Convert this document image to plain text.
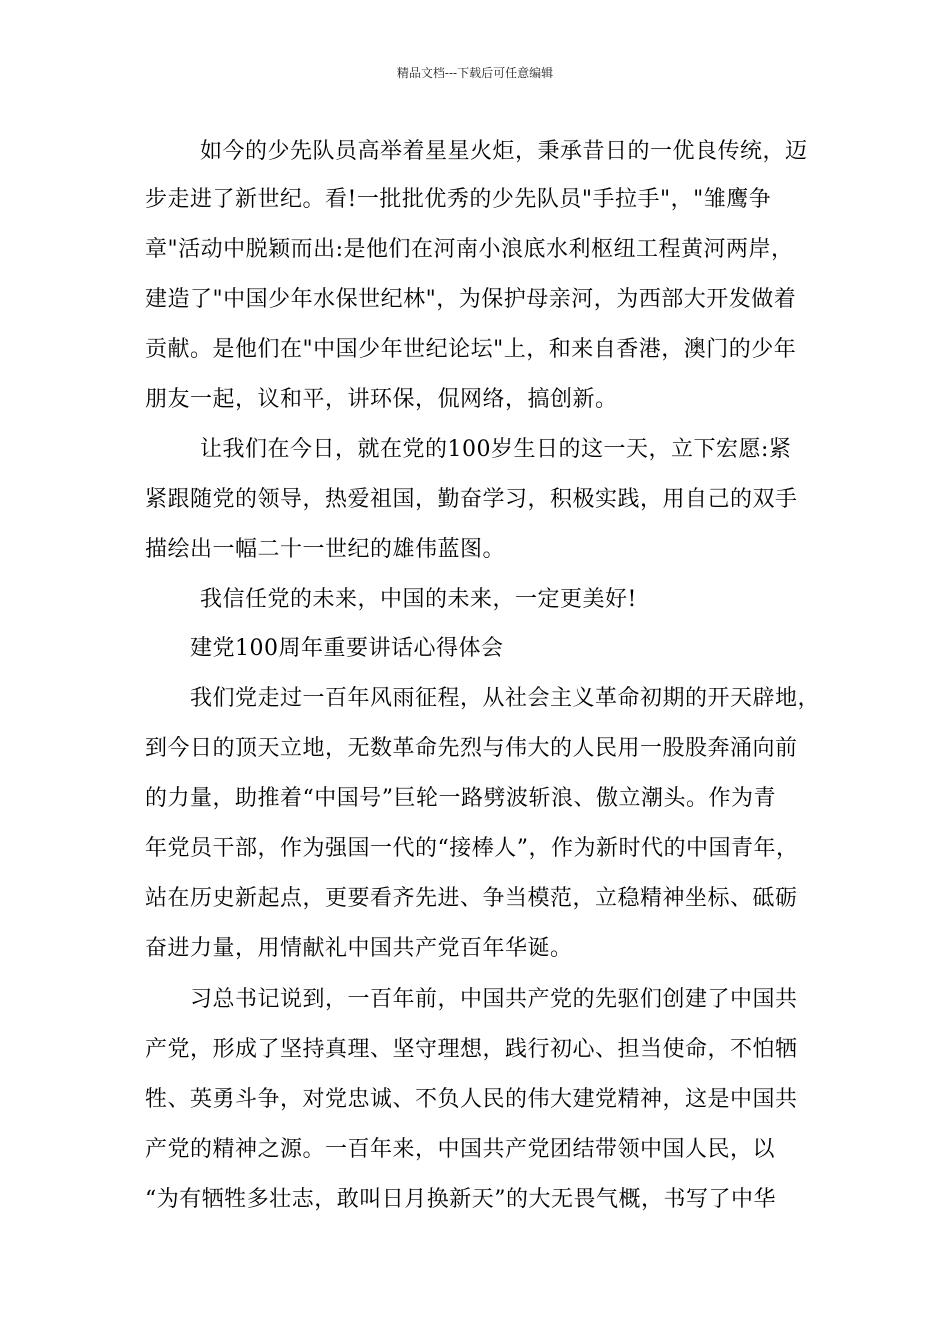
精品文档---下载后可任意编辑
如今的少先队员高举着星星火炬，秉承昔日的一优良传统，迈
步走进了新世纪。看!一批批优秀的少先队员"手拉手"，"雏鹰争
章"活动中脱颖而出:是他们在河南小浪底水利枢纽工程黄河两岸，
建造了"中国少年水保世纪林"，为保护母亲河，为西部大开发做着
贡献。是他们在"中国少年世纪论坛"上，和来自香港，澳门的少年
朋友一起，议和平，讲环保，侃网络，搞创新。
让我们在今日，就在党的100岁生日的这一天，立下宏愿:紧
紧跟随党的领导，热爱祖国，勤奋学习，积极实践，用自己的双手
描绘出一幅二十一世纪的雄伟蓝图。
我信任党的未来，中国的未来，一定更美好!
建党100周年重要讲话心得体会
我们党走过一百年风雨征程，从社会主义革命初期的开天辟地，
到今日的顶天立地，无数革命先烈与伟大的人民用一股股奔涌向前
的力量，助推着“中国号”巨轮一路劈波斩浪、傲立潮头。作为青
年党员干部，作为强国一代的“接棒人”，作为新时代的中国青年，
站在历史新起点，更要看齐先进、争当模范，立稳精神坐标、砥砺
奋进力量，用情献礼中国共产党百年华诞。
习总书记说到，一百年前，中国共产党的先驱们创建了中国共
产党，形成了坚持真理、坚守理想，践行初心、担当使命，不怕牺
牲、英勇斗争，对党忠诚、不负人民的伟大建党精神，这是中国共
产党的精神之源。一百年来，中国共产党团结带领中国人民，以
“为有牺牲多壮志，敢叫日月换新天”的大无畏气概，书写了中华
